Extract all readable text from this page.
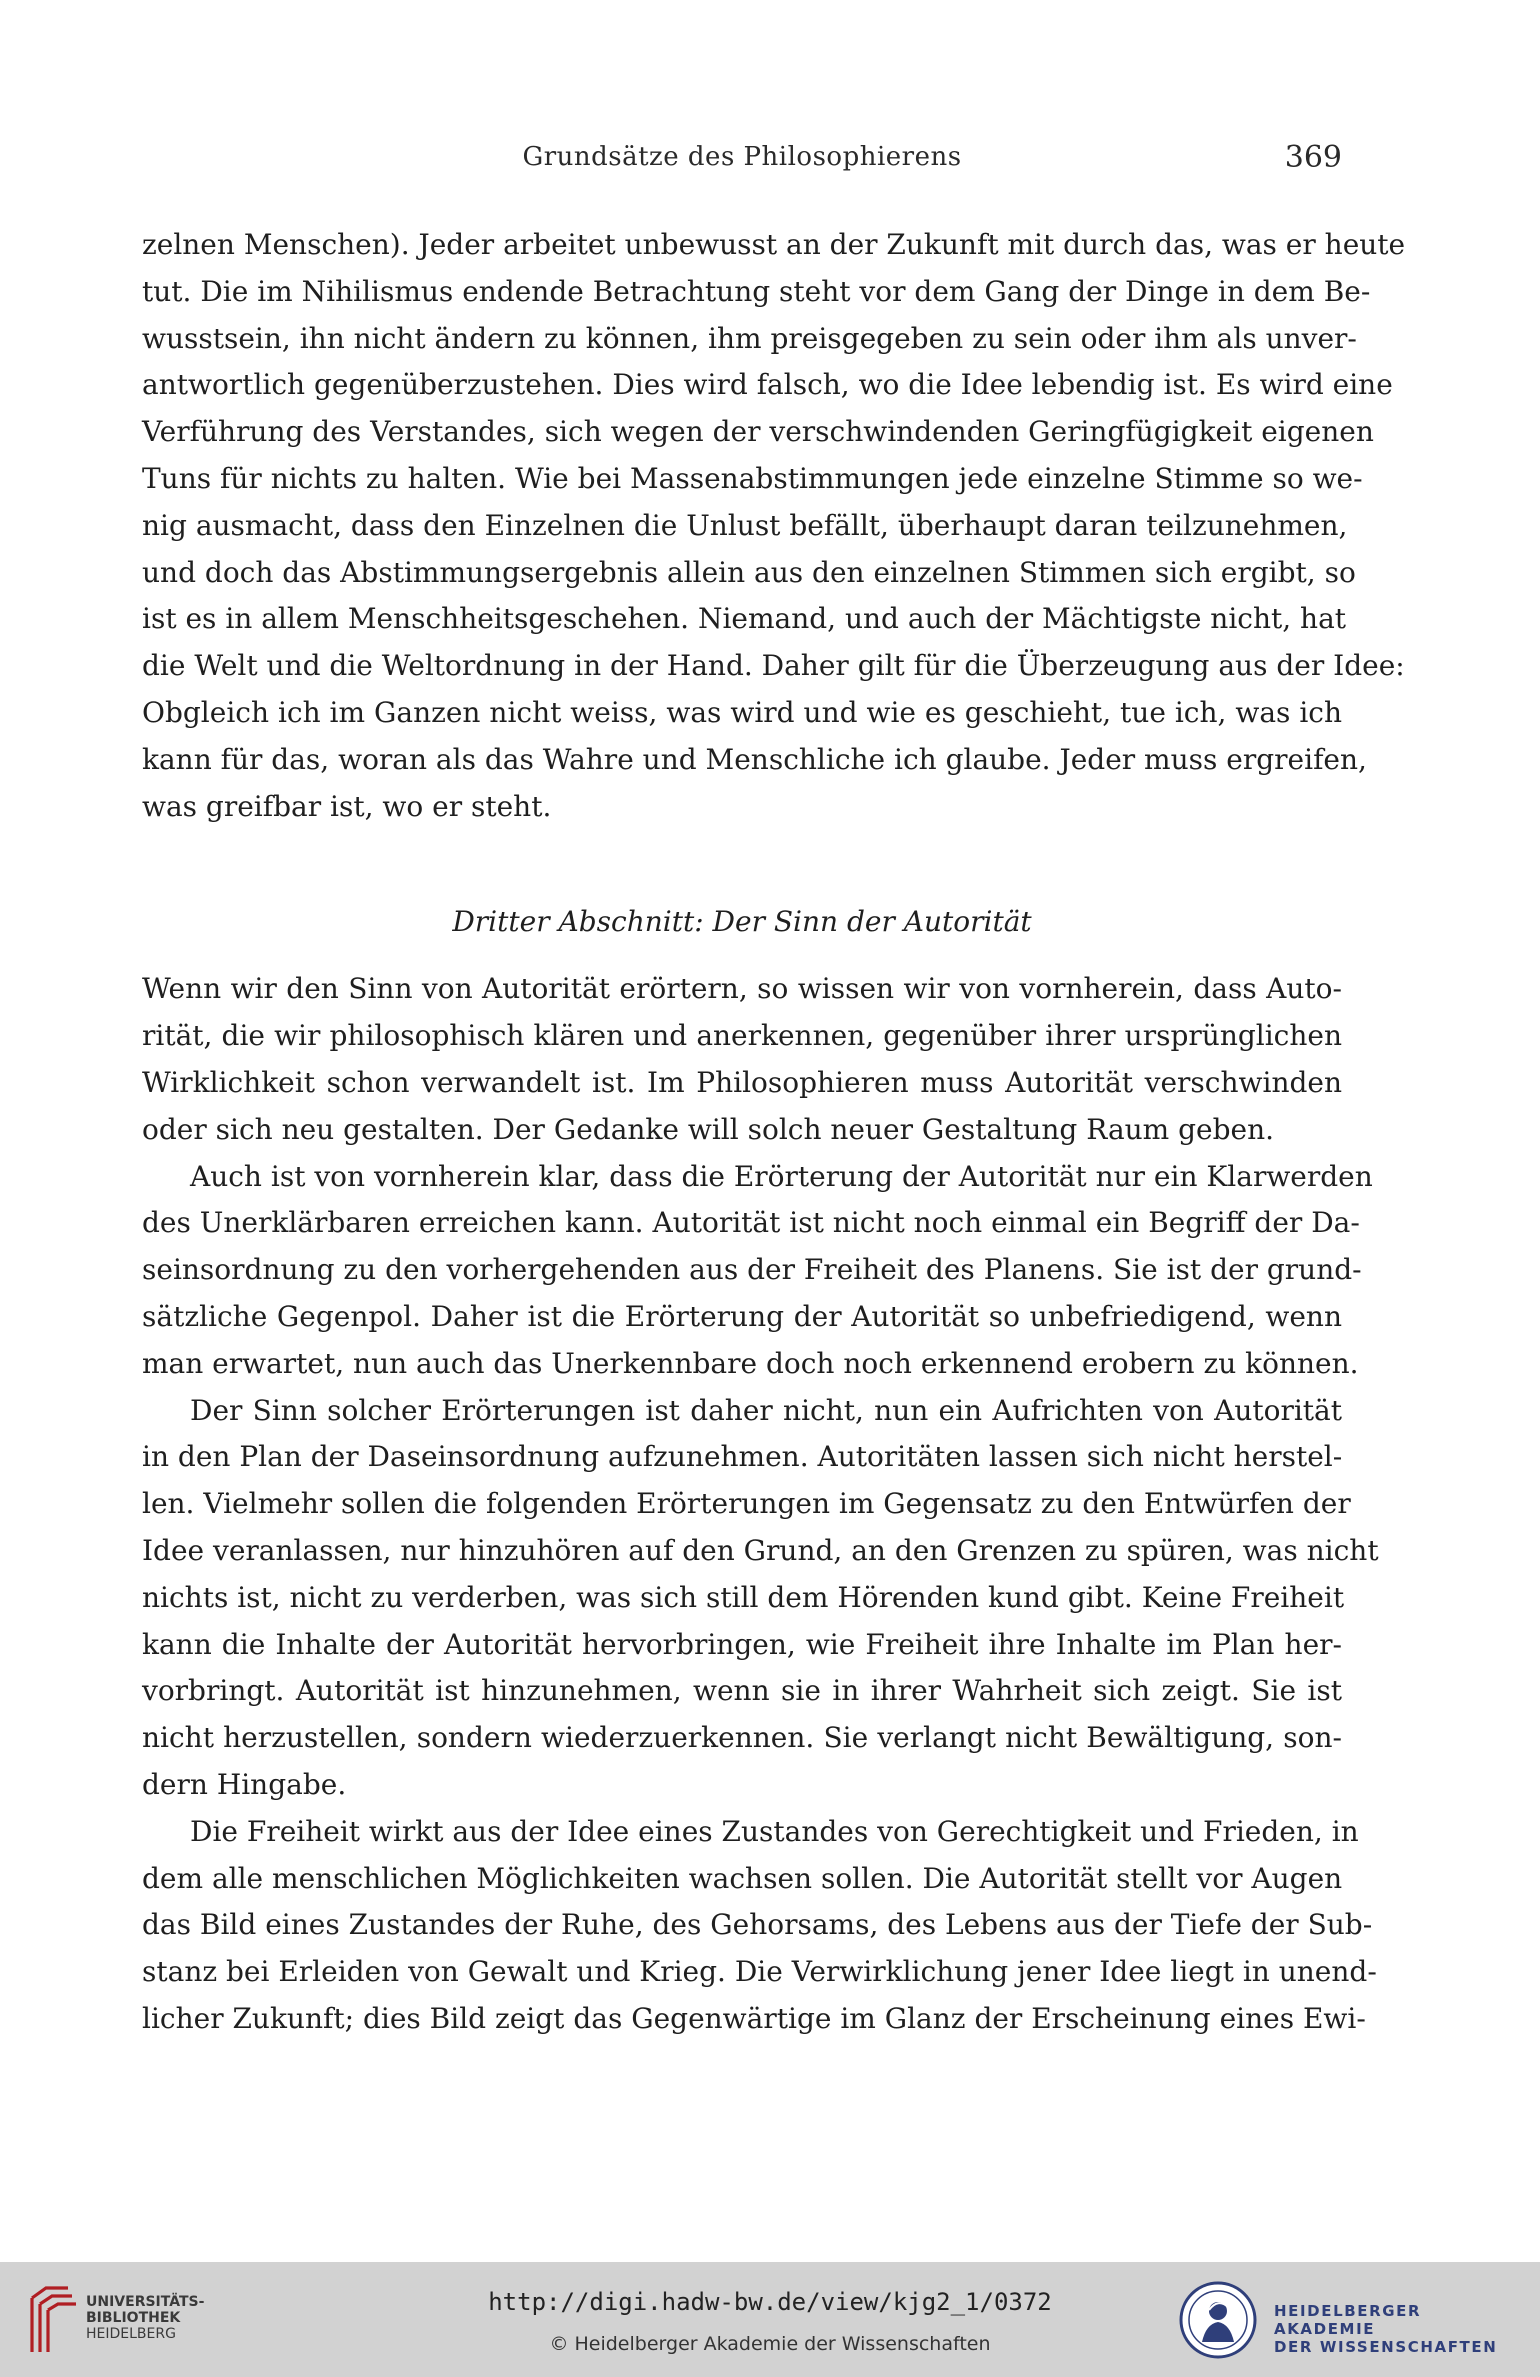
Grundsätze des Philosophierens	369
zelnen Menschen). Jeder arbeitet unbewusst an der Zukunft mit durch das, was er heute
tut. Die im Nihilismus endende Betrachtung steht vor dem Gang der Dinge in dem Be-
wusstsein, ihn nicht ändern zu können, ihm preisgegeben zu sein oder ihm als unver-
antwortlich gegenüberzustehen. Dies wird falsch, wo die Idee lebendig ist. Es wird eine
Verführung des Verstandes, sich wegen der verschwindenden Geringfügigkeit eigenen
Tuns für nichts zu halten. Wie bei Massenabstimmungen jede einzelne Stimme so we-
nig ausmacht, dass den Einzelnen die Unlust befällt, überhaupt daran teilzunehmen,
und doch das Abstimmungsergebnis allein aus den einzelnen Stimmen sich ergibt, so
ist es in allem Menschheitsgeschehen. Niemand, und auch der Mächtigste nicht, hat
die Welt und die Weltordnung in der Hand. Daher gilt für die Überzeugung aus der Idee:
Obgleich ich im Ganzen nicht weiss, was wird und wie es geschieht, tue ich, was ich
kann für das, woran als das Wahre und Menschliche ich glaube. Jeder muss ergreifen,
was greifbar ist, wo er steht.
Dritter Abschnitt: Der Sinn der Autorität
Wenn wir den Sinn von Autorität erörtern, so wissen wir von vornherein, dass Auto-
rität, die wir philosophisch klären und anerkennen, gegenüber ihrer ursprünglichen
Wirklichkeit schon verwandelt ist. Im Philosophieren muss Autorität verschwinden
oder sich neu gestalten. Der Gedanke will solch neuer Gestaltung Raum geben.
Auch ist von vornherein klar, dass die Erörterung der Autorität nur ein Klarwerden
des Unerklärbaren erreichen kann. Autorität ist nicht noch einmal ein Begriff der Da-
seinsordnung zu den vorhergehenden aus der Freiheit des Planens. Sie ist der grund-
sätzliche Gegenpol. Daher ist die Erörterung der Autorität so unbefriedigend, wenn
man erwartet, nun auch das Unerkennbare doch noch erkennend erobern zu können.
Der Sinn solcher Erörterungen ist daher nicht, nun ein Aufrichten von Autorität
in den Plan der Daseinsordnung aufzunehmen. Autoritäten lassen sich nicht herstel-
len. Vielmehr sollen die folgenden Erörterungen im Gegensatz zu den Entwürfen der
Idee veranlassen, nur hinzuhören auf den Grund, an den Grenzen zu spüren, was nicht
nichts ist, nicht zu verderben, was sich still dem Hörenden kund gibt. Keine Freiheit
kann die Inhalte der Autorität hervorbringen, wie Freiheit ihre Inhalte im Plan her-
vorbringt. Autorität ist hinzunehmen, wenn sie in ihrer Wahrheit sich zeigt. Sie ist
nicht herzustellen, sondern wiederzuerkennen. Sie verlangt nicht Bewältigung, son-
dern Hingabe.
Die Freiheit wirkt aus der Idee eines Zustandes von Gerechtigkeit und Frieden, in
dem alle menschlichen Möglichkeiten wachsen sollen. Die Autorität stellt vor Augen
das Bild eines Zustandes der Ruhe, des Gehorsams, des Lebens aus der Tiefe der Sub-
stanz bei Erleiden von Gewalt und Krieg. Die Verwirklichung jener Idee liegt in unend-
licher Zukunft; dies Bild zeigt das Gegenwärtige im Glanz der Erscheinung eines Ewi-
UNIVERSITÄTS-
BIBLIOTHEK
HEIDELBERG
http://digi.hadw-bw.de/view/kjg2_1/0372
© Heidelberger Akademie der Wissenschaften
HEIDELBERGER AKADEMIE
DER WISSENSCHAFTEN
